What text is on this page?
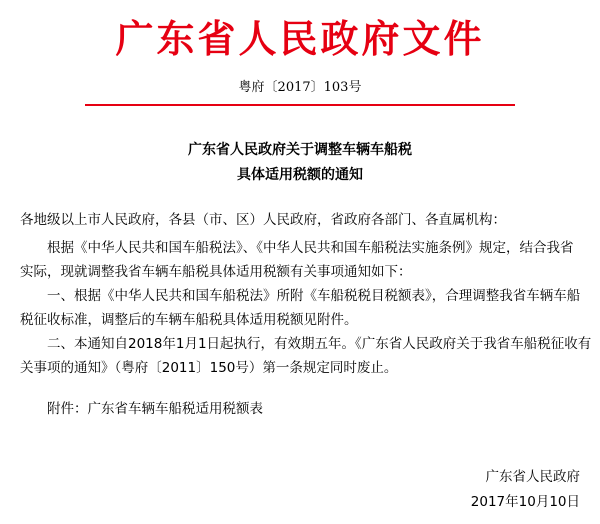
广东省人民政府文件
粤府〔2017〕103号
广东省人民政府关于调整车辆车船税
具体适用税额的通知
各地级以上市人民政府，各县（市、区）人民政府，省政府各部门、各直属机构：
　　根据《中华人民共和国车船税法》、《中华人民共和国车船税法实施条例》规定，结合我省
实际，现就调整我省车辆车船税具体适用税额有关事项通知如下：
　　一、根据《中华人民共和国车船税法》所附《车船税税目税额表》，合理调整我省车辆车船
税征收标准，调整后的车辆车船税具体适用税额见附件。
　　二、本通知自2018年1月1日起执行，有效期五年。《广东省人民政府关于我省车船税征收有
关事项的通知》（粤府〔2011〕150号）第一条规定同时废止。
　　附件：广东省车辆车船税适用税额表
广东省人民政府
2017年10月10日
